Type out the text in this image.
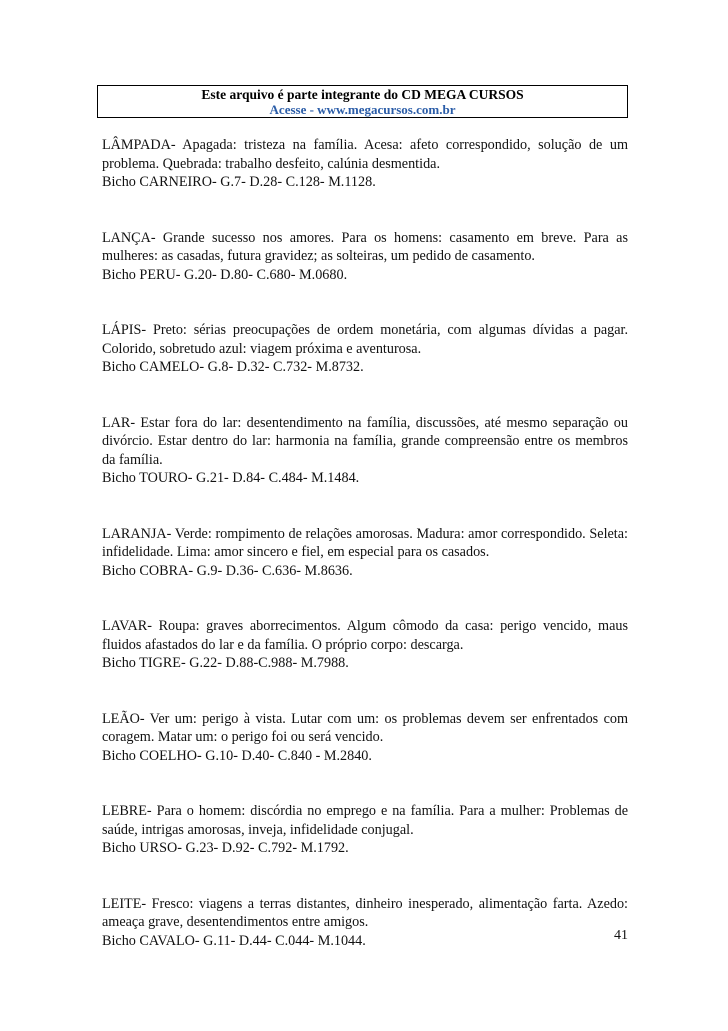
Este arquivo é parte integrante do CD MEGA CURSOS
Acesse - www.megacursos.com.br

LÂMPADA- Apagada: tristeza na família. Acesa: afeto correspondido, solução de um problema. Quebrada: trabalho desfeito, calúnia desmentida.

Bicho CARNEIRO- G.7- D.28- C.128- M.1128.

LANÇA- Grande sucesso nos amores. Para os homens: casamento em breve. Para as mulheres: as casadas, futura gravidez; as solteiras, um pedido de casamento.

Bicho PERU- G.20- D.80- C.680- M.0680.

LÁPIS- Preto: sérias preocupações de ordem monetária, com algumas dívidas a pagar. Colorido, sobretudo azul: viagem próxima e aventurosa.

Bicho CAMELO- G.8- D.32- C.732- M.8732.

LAR- Estar fora do lar: desentendimento na família, discussões, até mesmo separação ou divórcio. Estar dentro do lar: harmonia na família, grande compreensão entre os membros da família.

Bicho TOURO- G.21- D.84- C.484- M.1484.

LARANJA- Verde: rompimento de relações amorosas. Madura: amor correspondido. Seleta: infidelidade. Lima: amor sincero e fiel, em especial para os casados.

Bicho COBRA- G.9- D.36- C.636- M.8636.

LAVAR- Roupa: graves aborrecimentos. Algum cômodo da casa: perigo vencido, maus fluidos afastados do lar e da família. O próprio corpo: descarga.

Bicho TIGRE- G.22- D.88-C.988- M.7988.

LEÃO- Ver um: perigo à vista. Lutar com um: os problemas devem ser enfrentados com coragem. Matar um: o perigo foi ou será vencido.

Bicho COELHO- G.10- D.40- C.840 - M.2840.

LEBRE- Para o homem: discórdia no emprego e na família. Para a mulher: Problemas de saúde, intrigas amorosas, inveja, infidelidade conjugal.

Bicho URSO- G.23- D.92- C.792- M.1792.

LEITE- Fresco: viagens a terras distantes, dinheiro inesperado, alimentação farta. Azedo: ameaça grave, desentendimentos entre amigos.

Bicho CAVALO- G.11- D.44- C.044- M.1044.	41
